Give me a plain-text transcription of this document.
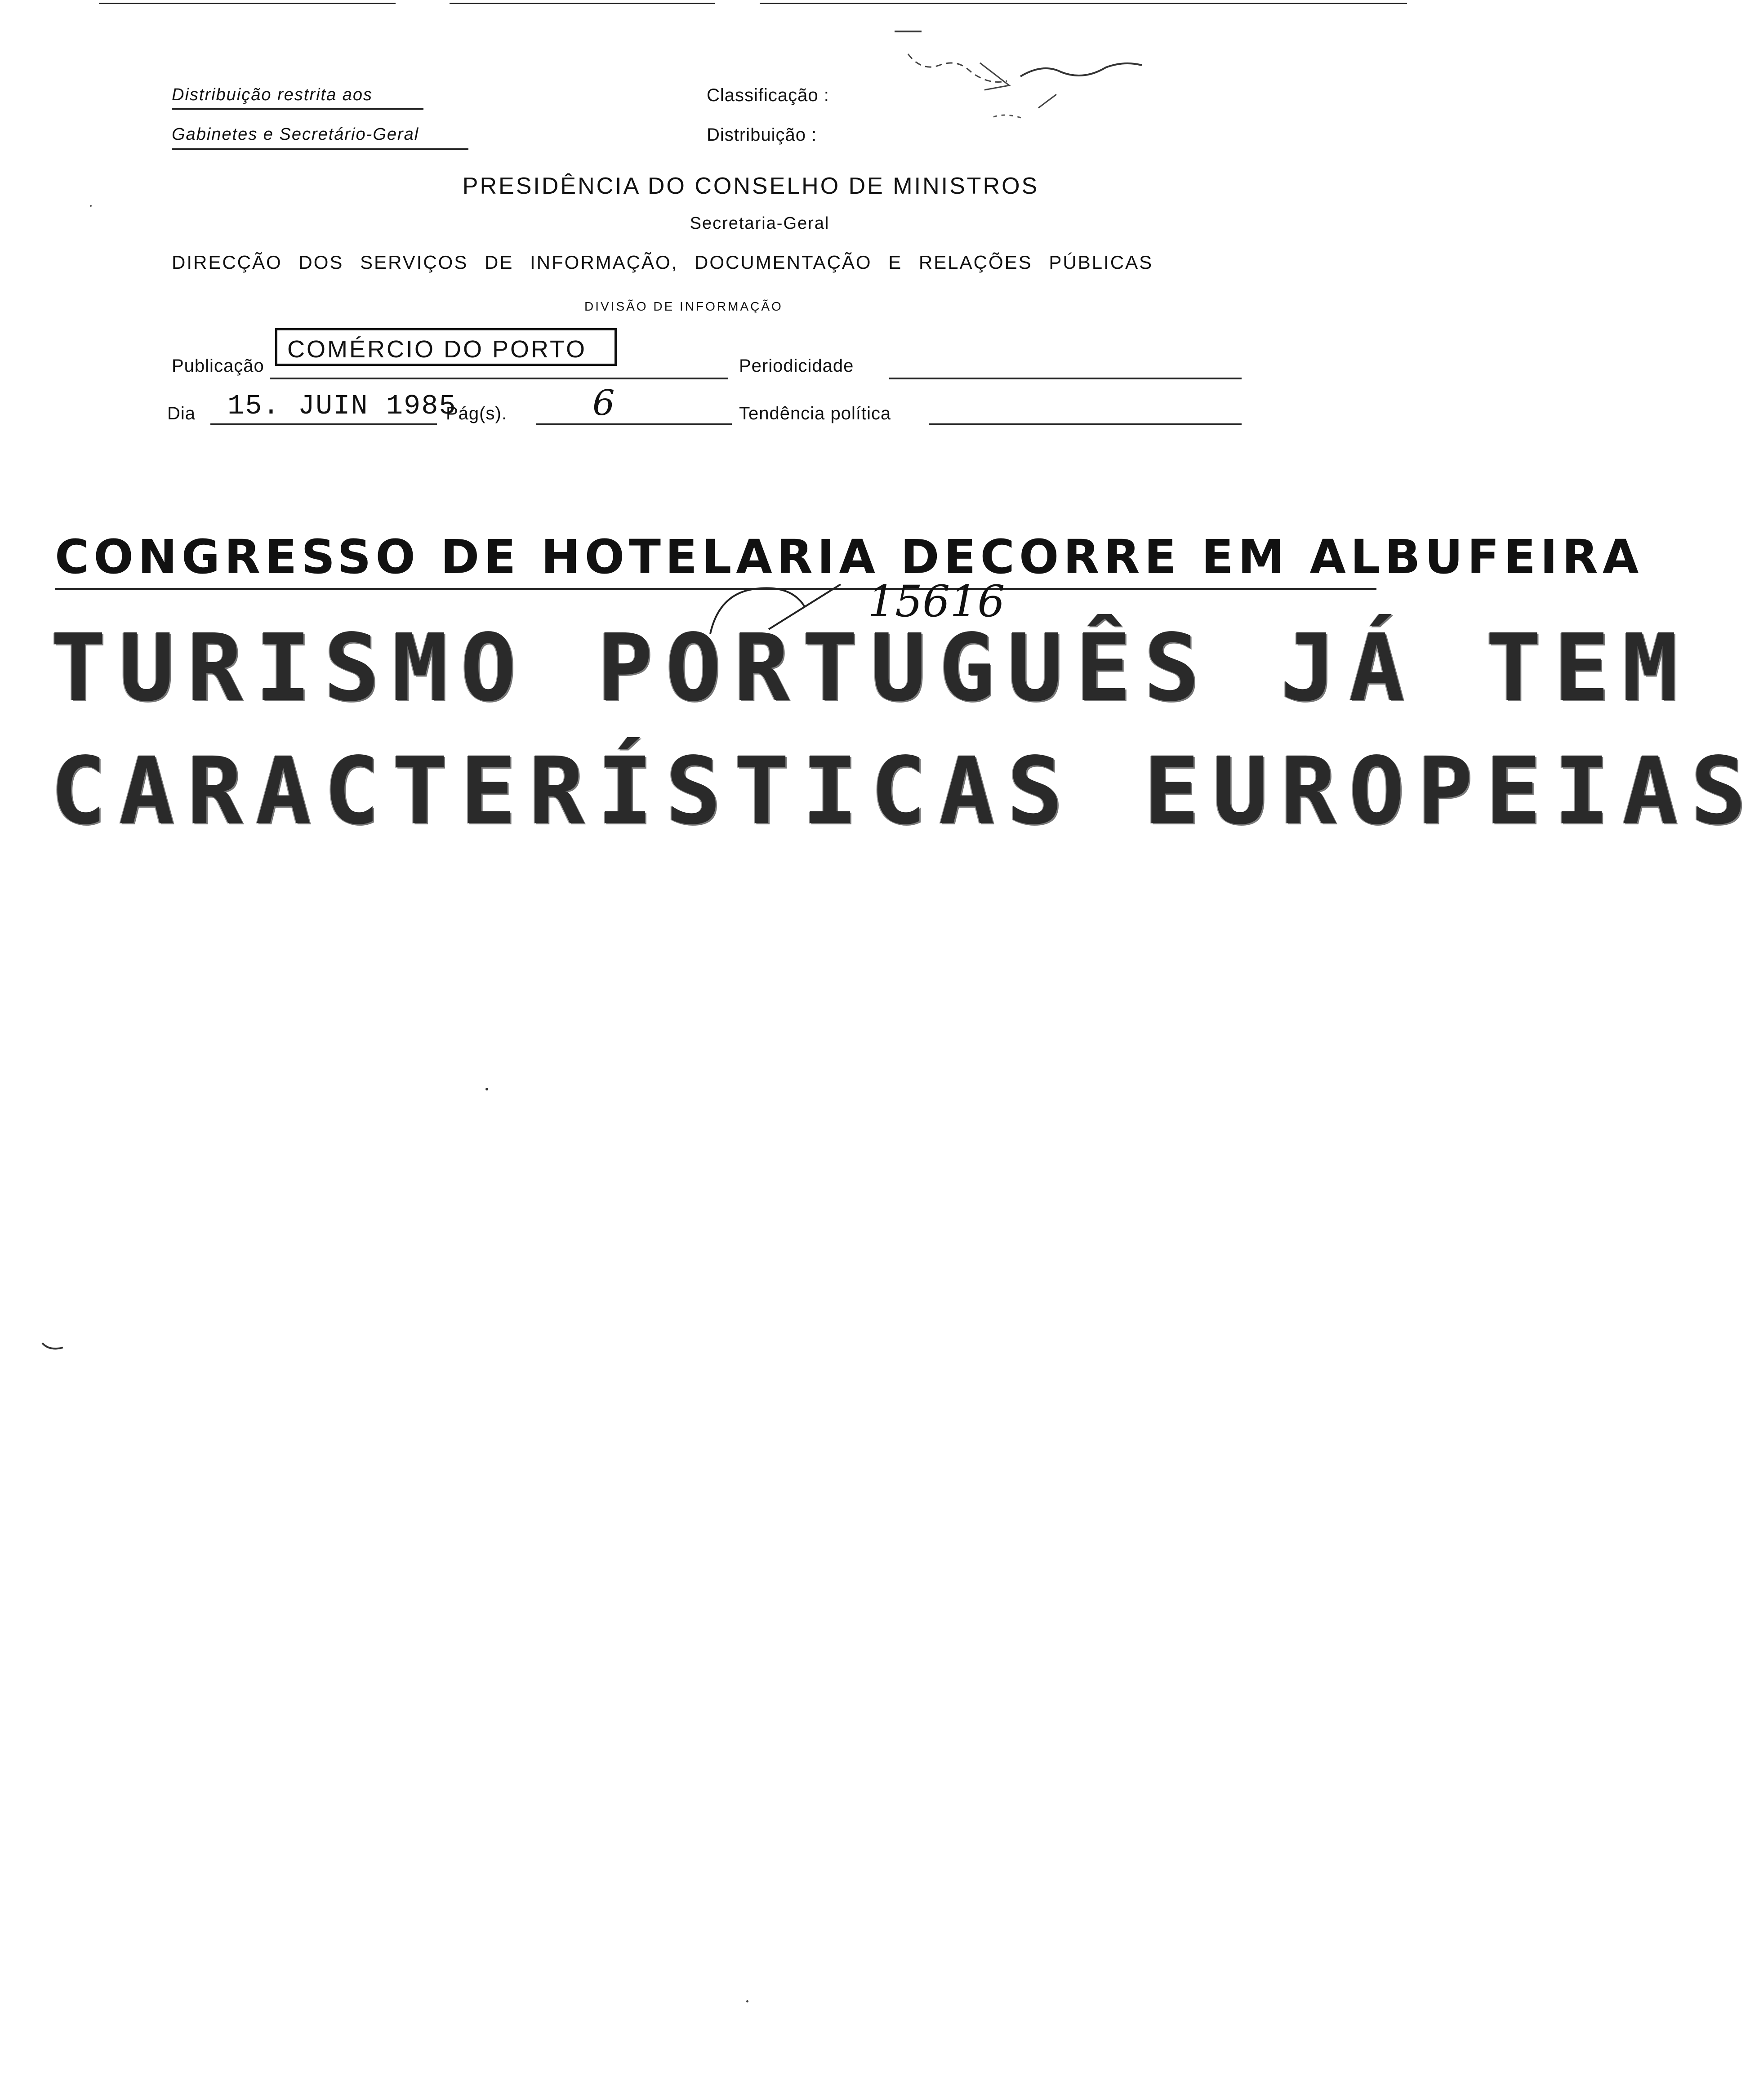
Distribuição restrita aos
Gabinetes e Secretário-Geral
Classificação :
Distribuição :
PRESIDÊNCIA DO CONSELHO DE MINISTROS
Secretaria-Geral
DIRECÇÃO DOS SERVIÇOS DE INFORMAÇÃO, DOCUMENTAÇÃO E RELAÇÕES PÚBLICAS
DIVISÃO DE INFORMAÇÃO
Publicação
COMÉRCIO DO PORTO
Periodicidade
Dia 15. JUIN 1985
Pág(s). 6	Tendência política
CONGRESSO DE HOTELARIA DECORRE EM ALBUFEIRA
15616
TURISMO PORTUGUÊS JÁ TEM
CARACTERÍSTICAS EUROPEIAS
